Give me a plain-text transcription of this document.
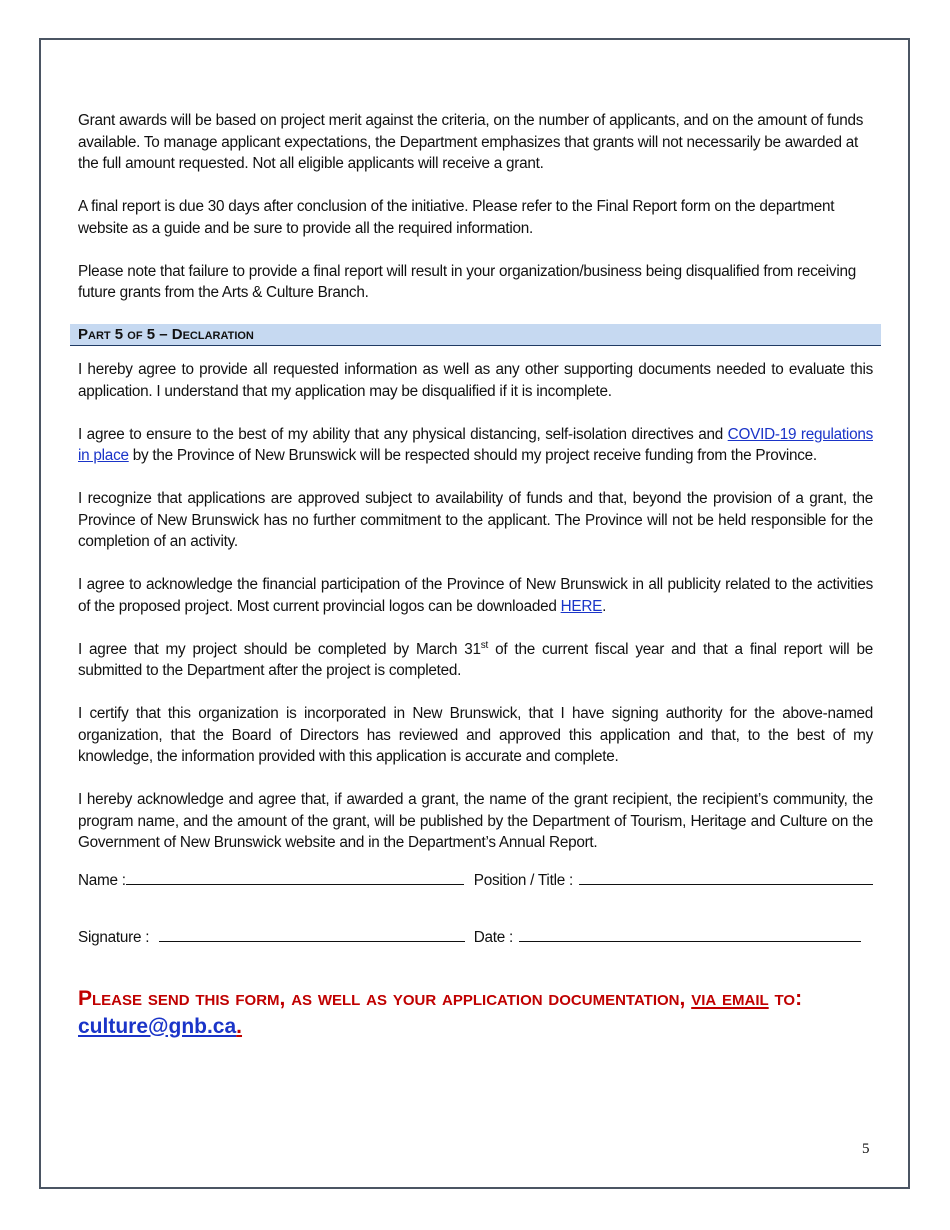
Grant awards will be based on project merit against the criteria, on the number of applicants, and on the amount of funds available. To manage applicant expectations, the Department emphasizes that grants will not necessarily be awarded at the full amount requested. Not all eligible applicants will receive a grant.

A final report is due 30 days after conclusion of the initiative. Please refer to the Final Report form on the department website as a guide and be sure to provide all the required information.

Please note that failure to provide a final report will result in your organization/business being disqualified from receiving future grants from the Arts & Culture Branch.

Part 5 of 5 – Declaration

I hereby agree to provide all requested information as well as any other supporting documents needed to evaluate this application. I understand that my application may be disqualified if it is incomplete.

I agree to ensure to the best of my ability that any physical distancing, self-isolation directives and COVID-19 regulations in place by the Province of New Brunswick will be respected should my project receive funding from the Province.

I recognize that applications are approved subject to availability of funds and that, beyond the provision of a grant, the Province of New Brunswick has no further commitment to the applicant. The Province will not be held responsible for the completion of an activity.

I agree to acknowledge the financial participation of the Province of New Brunswick in all publicity related to the activities of the proposed project. Most current provincial logos can be downloaded HERE.

I agree that my project should be completed by March 31st of the current fiscal year and that a final report will be submitted to the Department after the project is completed.

I certify that this organization is incorporated in New Brunswick, that I have signing authority for the above-named organization, that the Board of Directors has reviewed and approved this application and that, to the best of my knowledge, the information provided with this application is accurate and complete.

I hereby acknowledge and agree that, if awarded a grant, the name of the grant recipient, the recipient’s community, the program name, and the amount of the grant, will be published by the Department of Tourism, Heritage and Culture on the Government of New Brunswick website and in the Department’s Annual Report.

Name :	Position / Title :
Signature :	Date :
Please send this form, as well as your application documentation, via email to:
culture@gnb.ca.
5
